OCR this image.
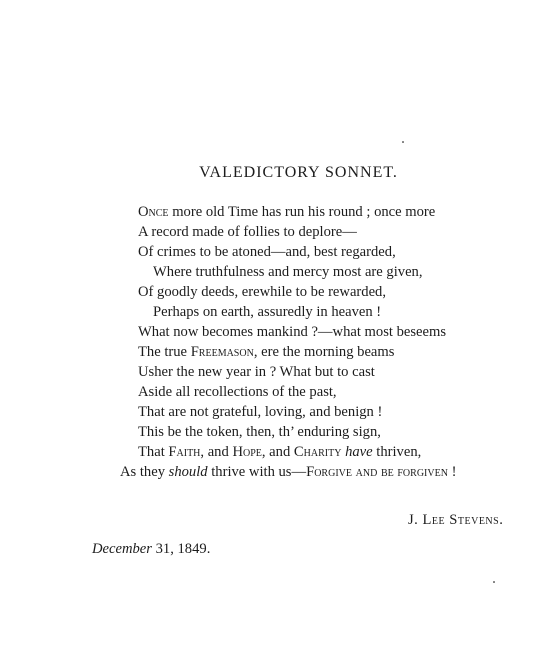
VALEDICTORY SONNET.
Once more old Time has run his round ; once more
A record made of follies to deplore—
Of crimes to be atoned—and, best regarded,
Where truthfulness and mercy most are given,
Of goodly deeds, erewhile to be rewarded,
Perhaps on earth, assuredly in heaven !
What now becomes mankind ?—what most beseems
The true Freemason, ere the morning beams
Usher the new year in ? What but to cast
Aside all recollections of the past,
That are not grateful, loving, and benign !
This be the token, then, th’ enduring sign,
That Faith, and Hope, and Charity have thriven,
As they should thrive with us—Forgive and be forgiven !
J. Lee Stevens.
December 31, 1849.
